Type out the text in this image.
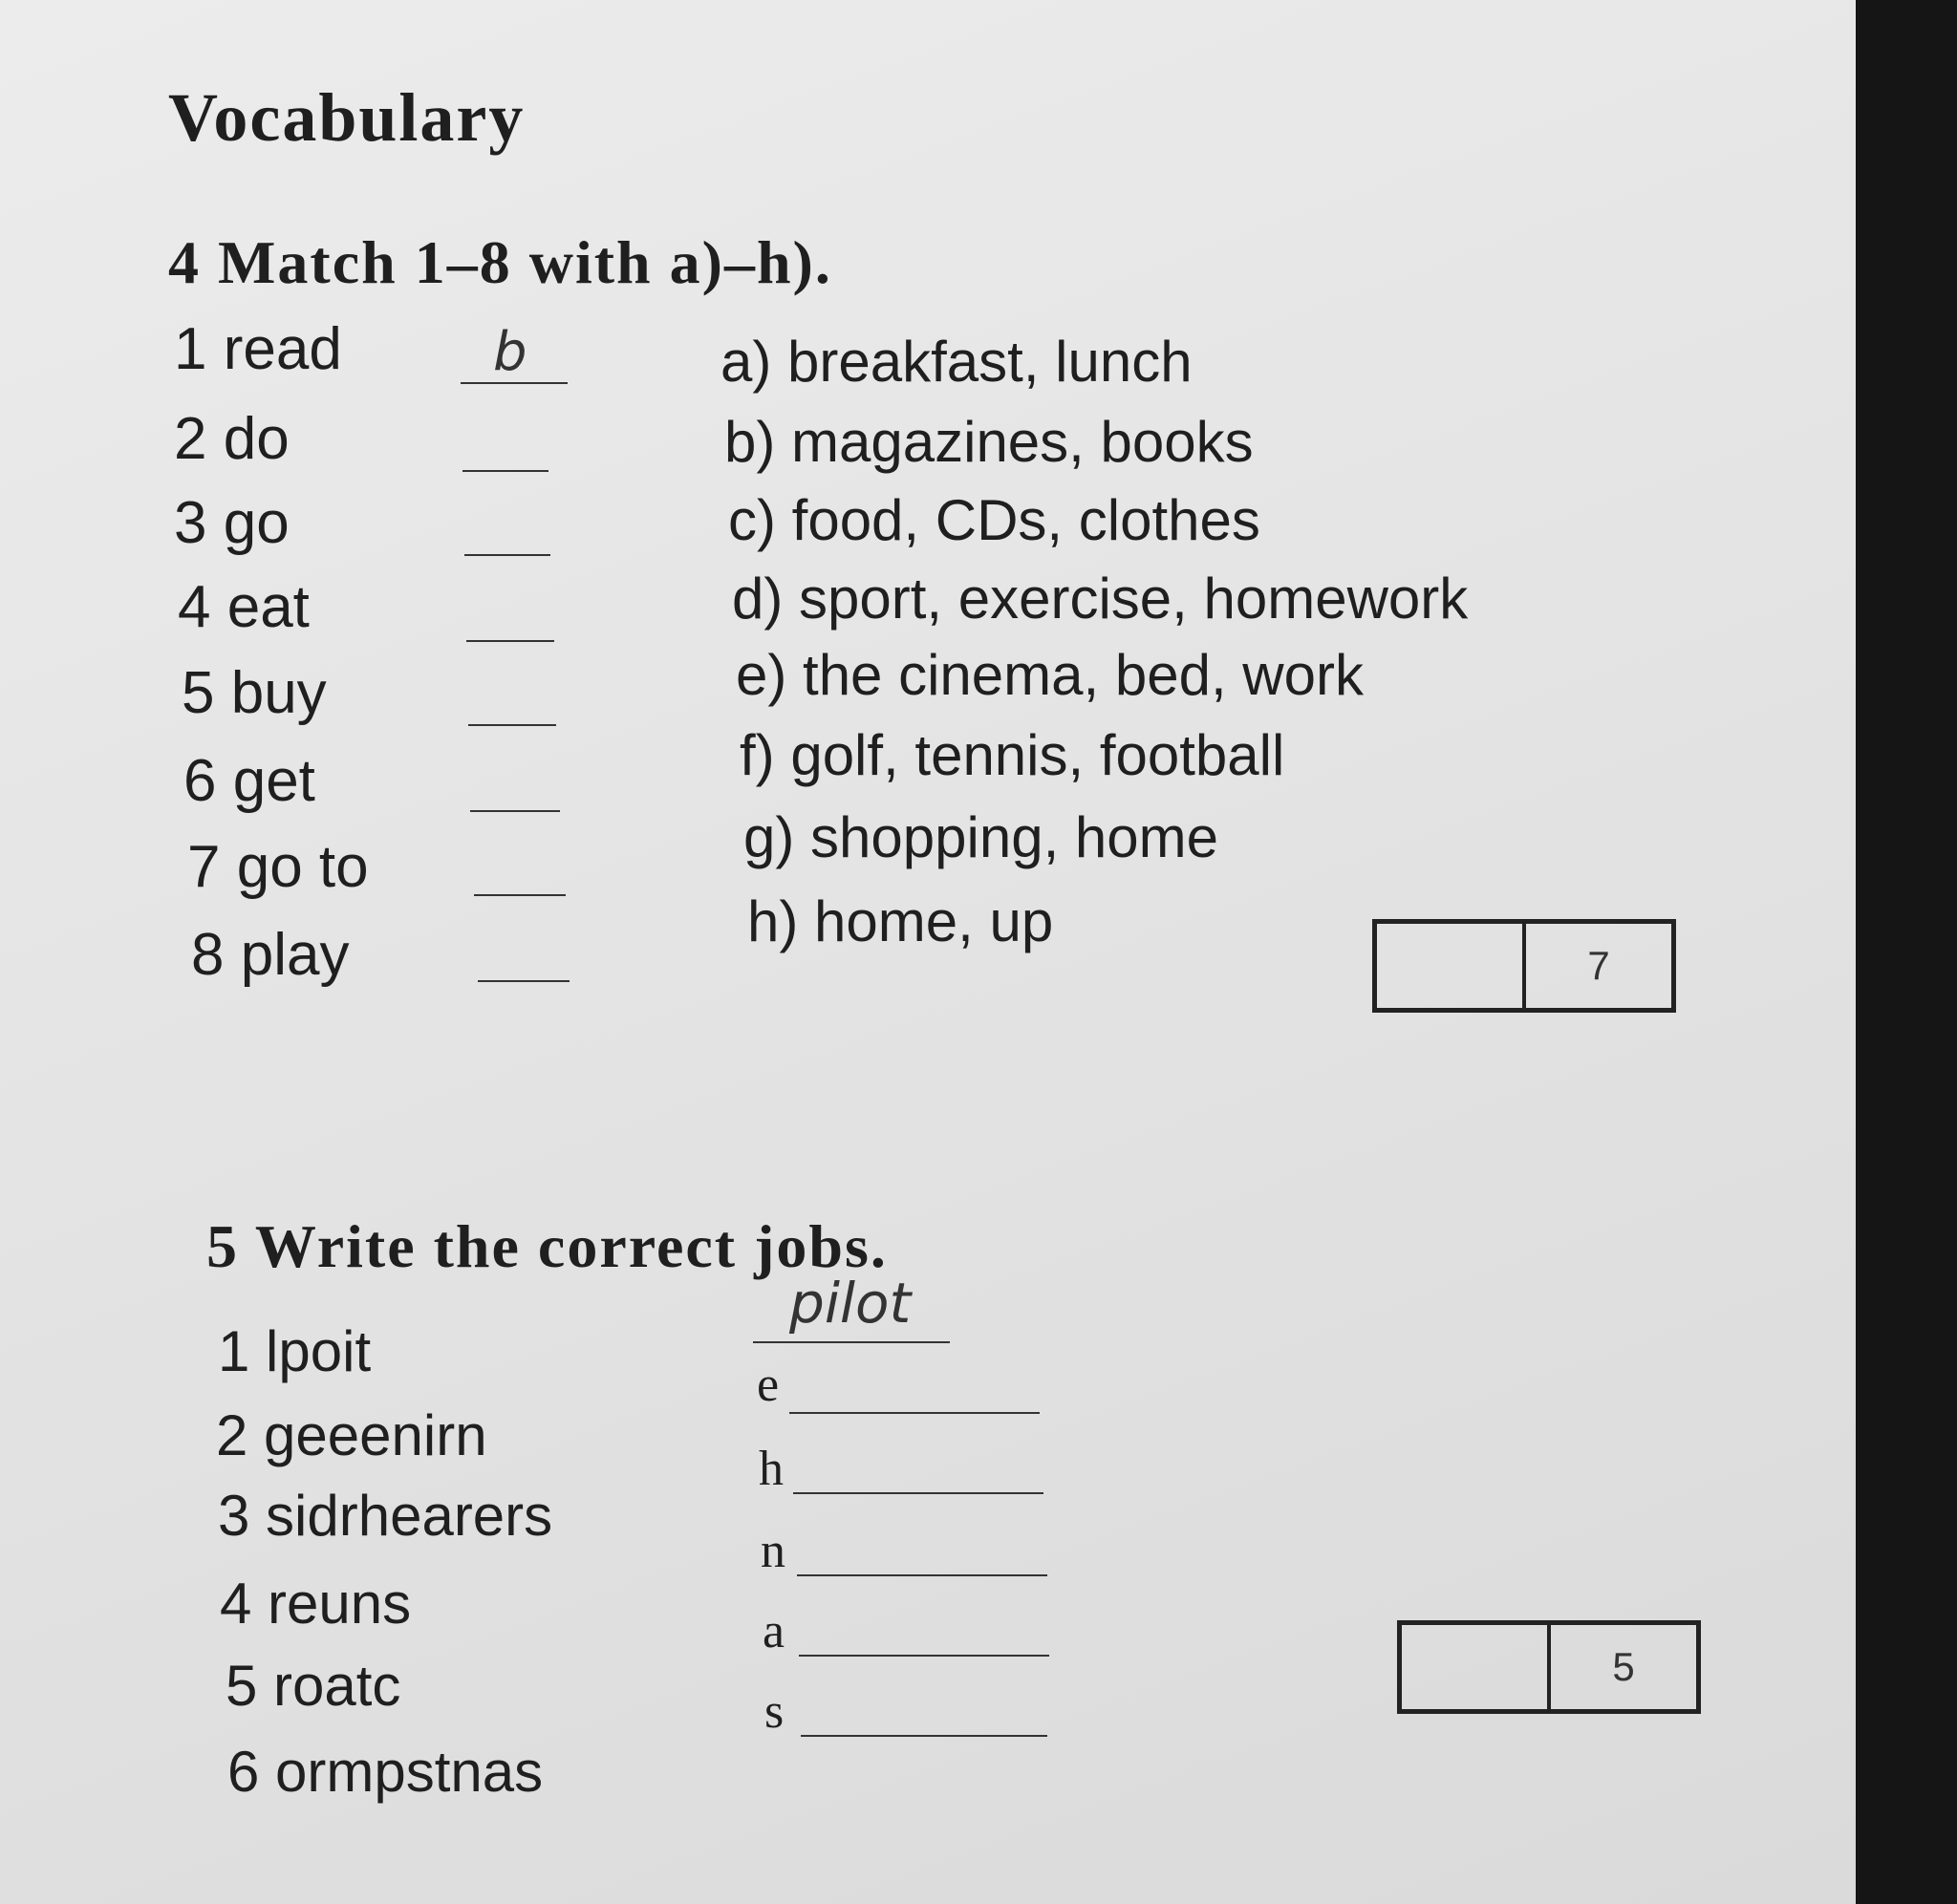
Vocabulary
4 Match 1–8 with a)–h).
1 read
2 do
3 go
4 eat
5 buy
6 get
7 go to
8 play
b	a) breakfast, lunch
b) magazines, books
c) food, CDs, clothes
d) sport, exercise, homework
e) the cinema, bed, work
f) golf, tennis, football
g) shopping, home
h) home, up
7
5 Write the correct jobs.
1 lpoit
2 geeenirn
3 sidrhearers
4 reuns
5 roatc
6 ormpstnas
pilot
e
h
n
a
s
5
